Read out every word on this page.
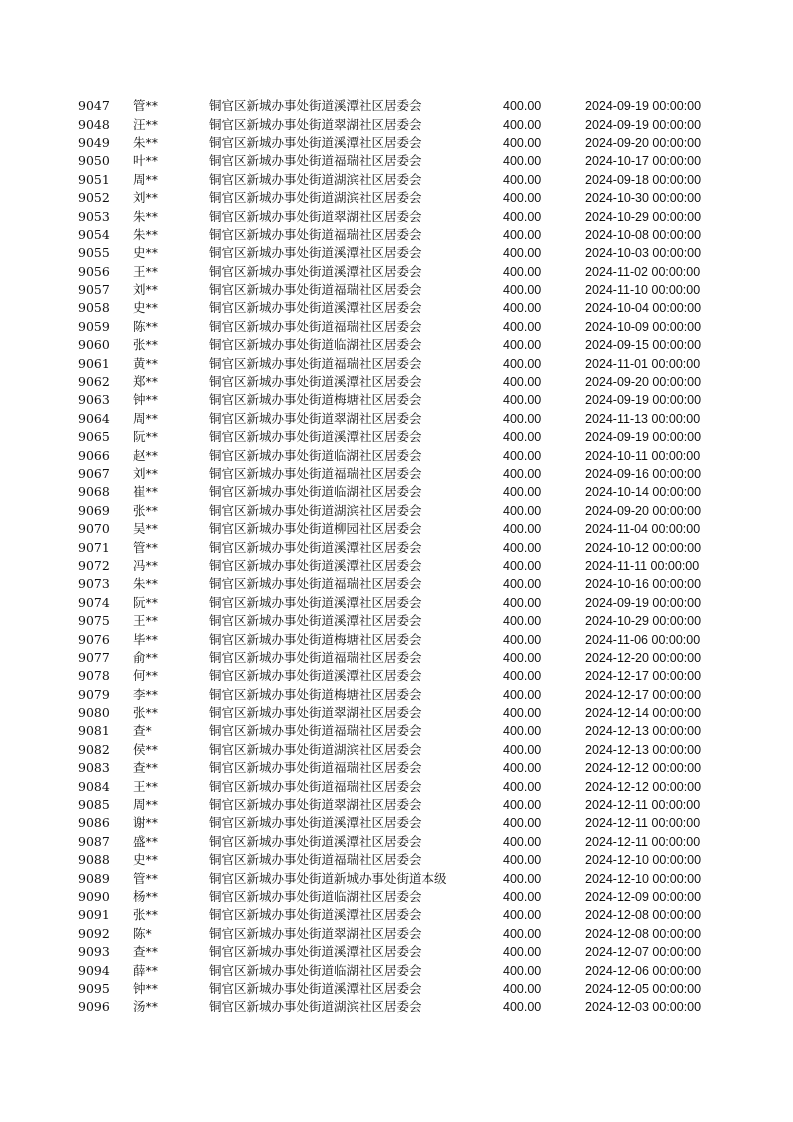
9047	管**	铜官区新城办事处街道溪潭社区居委会	400.00	2024-09-19 00:00:00
9048	汪**	铜官区新城办事处街道翠湖社区居委会	400.00	2024-09-19 00:00:00
9049	朱**	铜官区新城办事处街道溪潭社区居委会	400.00	2024-09-20 00:00:00
9050	叶**	铜官区新城办事处街道福瑞社区居委会	400.00	2024-10-17 00:00:00
9051	周**	铜官区新城办事处街道湖滨社区居委会	400.00	2024-09-18 00:00:00
9052	刘**	铜官区新城办事处街道湖滨社区居委会	400.00	2024-10-30 00:00:00
9053	朱**	铜官区新城办事处街道翠湖社区居委会	400.00	2024-10-29 00:00:00
9054	朱**	铜官区新城办事处街道福瑞社区居委会	400.00	2024-10-08 00:00:00
9055	史**	铜官区新城办事处街道溪潭社区居委会	400.00	2024-10-03 00:00:00
9056	王**	铜官区新城办事处街道溪潭社区居委会	400.00	2024-11-02 00:00:00
9057	刘**	铜官区新城办事处街道福瑞社区居委会	400.00	2024-11-10 00:00:00
9058	史**	铜官区新城办事处街道溪潭社区居委会	400.00	2024-10-04 00:00:00
9059	陈**	铜官区新城办事处街道福瑞社区居委会	400.00	2024-10-09 00:00:00
9060	张**	铜官区新城办事处街道临湖社区居委会	400.00	2024-09-15 00:00:00
9061	黄**	铜官区新城办事处街道福瑞社区居委会	400.00	2024-11-01 00:00:00
9062	郑**	铜官区新城办事处街道溪潭社区居委会	400.00	2024-09-20 00:00:00
9063	钟**	铜官区新城办事处街道梅塘社区居委会	400.00	2024-09-19 00:00:00
9064	周**	铜官区新城办事处街道翠湖社区居委会	400.00	2024-11-13 00:00:00
9065	阮**	铜官区新城办事处街道溪潭社区居委会	400.00	2024-09-19 00:00:00
9066	赵**	铜官区新城办事处街道临湖社区居委会	400.00	2024-10-11 00:00:00
9067	刘**	铜官区新城办事处街道福瑞社区居委会	400.00	2024-09-16 00:00:00
9068	崔**	铜官区新城办事处街道临湖社区居委会	400.00	2024-10-14 00:00:00
9069	张**	铜官区新城办事处街道湖滨社区居委会	400.00	2024-09-20 00:00:00
9070	吴**	铜官区新城办事处街道柳园社区居委会	400.00	2024-11-04 00:00:00
9071	管**	铜官区新城办事处街道溪潭社区居委会	400.00	2024-10-12 00:00:00
9072	冯**	铜官区新城办事处街道溪潭社区居委会	400.00	2024-11-11 00:00:00
9073	朱**	铜官区新城办事处街道福瑞社区居委会	400.00	2024-10-16 00:00:00
9074	阮**	铜官区新城办事处街道溪潭社区居委会	400.00	2024-09-19 00:00:00
9075	王**	铜官区新城办事处街道溪潭社区居委会	400.00	2024-10-29 00:00:00
9076	毕**	铜官区新城办事处街道梅塘社区居委会	400.00	2024-11-06 00:00:00
9077	俞**	铜官区新城办事处街道福瑞社区居委会	400.00	2024-12-20 00:00:00
9078	何**	铜官区新城办事处街道溪潭社区居委会	400.00	2024-12-17 00:00:00
9079	李**	铜官区新城办事处街道梅塘社区居委会	400.00	2024-12-17 00:00:00
9080	张**	铜官区新城办事处街道翠湖社区居委会	400.00	2024-12-14 00:00:00
9081	查*	铜官区新城办事处街道福瑞社区居委会	400.00	2024-12-13 00:00:00
9082	侯**	铜官区新城办事处街道湖滨社区居委会	400.00	2024-12-13 00:00:00
9083	查**	铜官区新城办事处街道福瑞社区居委会	400.00	2024-12-12 00:00:00
9084	王**	铜官区新城办事处街道福瑞社区居委会	400.00	2024-12-12 00:00:00
9085	周**	铜官区新城办事处街道翠湖社区居委会	400.00	2024-12-11 00:00:00
9086	谢**	铜官区新城办事处街道溪潭社区居委会	400.00	2024-12-11 00:00:00
9087	盛**	铜官区新城办事处街道溪潭社区居委会	400.00	2024-12-11 00:00:00
9088	史**	铜官区新城办事处街道福瑞社区居委会	400.00	2024-12-10 00:00:00
9089	管**	铜官区新城办事处街道新城办事处街道本级	400.00	2024-12-10 00:00:00
9090	杨**	铜官区新城办事处街道临湖社区居委会	400.00	2024-12-09 00:00:00
9091	张**	铜官区新城办事处街道溪潭社区居委会	400.00	2024-12-08 00:00:00
9092	陈*	铜官区新城办事处街道翠湖社区居委会	400.00	2024-12-08 00:00:00
9093	查**	铜官区新城办事处街道溪潭社区居委会	400.00	2024-12-07 00:00:00
9094	薛**	铜官区新城办事处街道临湖社区居委会	400.00	2024-12-06 00:00:00
9095	钟**	铜官区新城办事处街道溪潭社区居委会	400.00	2024-12-05 00:00:00
9096	汤**	铜官区新城办事处街道湖滨社区居委会	400.00	2024-12-03 00:00:00
